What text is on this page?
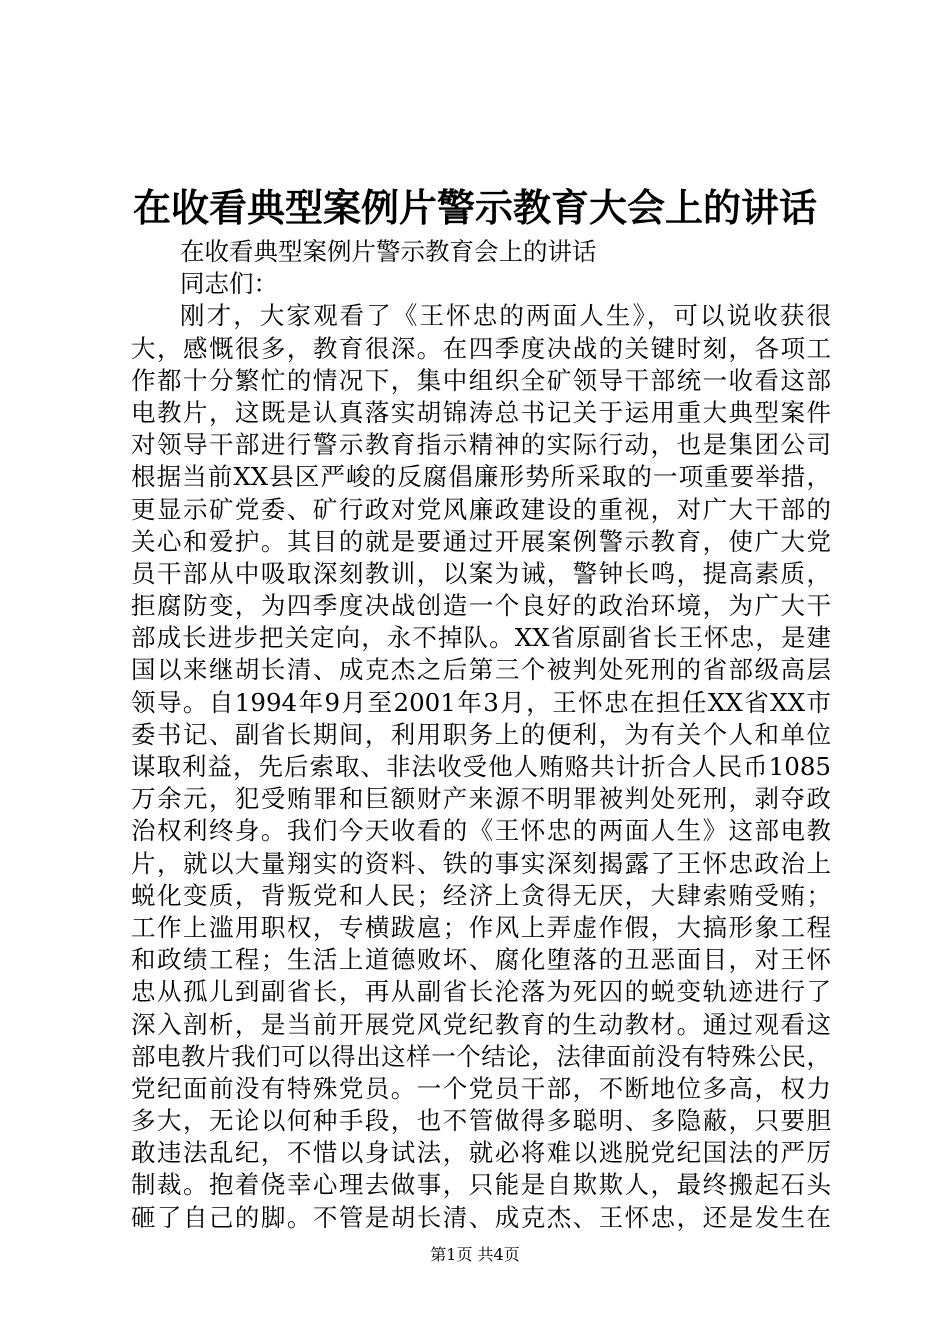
在收看典型案例片警示教育大会上的讲话
在收看典型案例片警示教育会上的讲话
同志们：
刚才，大家观看了《王怀忠的两面人生》，可以说收获很
大，感慨很多，教育很深。在四季度决战的关键时刻，各项工
作都十分繁忙的情况下，集中组织全矿领导干部统一收看这部
电教片，这既是认真落实胡锦涛总书记关于运用重大典型案件
对领导干部进行警示教育指示精神的实际行动，也是集团公司
根据当前XX县区严峻的反腐倡廉形势所采取的一项重要举措，
更显示矿党委、矿行政对党风廉政建设的重视，对广大干部的
关心和爱护。其目的就是要通过开展案例警示教育，使广大党
员干部从中吸取深刻教训，以案为诫，警钟长鸣，提高素质，
拒腐防变，为四季度决战创造一个良好的政治环境，为广大干
部成长进步把关定向，永不掉队。XX省原副省长王怀忠，是建
国以来继胡长清、成克杰之后第三个被判处死刑的省部级高层
领导。自1994年9月至2001年3月，王怀忠在担任XX省XX市
委书记、副省长期间，利用职务上的便利，为有关个人和单位
谋取利益，先后索取、非法收受他人贿赂共计折合人民币1085
万余元，犯受贿罪和巨额财产来源不明罪被判处死刑，剥夺政
治权利终身。我们今天收看的《王怀忠的两面人生》这部电教
片，就以大量翔实的资料、铁的事实深刻揭露了王怀忠政治上
蜕化变质，背叛党和人民；经济上贪得无厌，大肆索贿受贿；
工作上滥用职权，专横跋扈；作风上弄虚作假，大搞形象工程
和政绩工程；生活上道德败坏、腐化堕落的丑恶面目，对王怀
忠从孤儿到副省长，再从副省长沦落为死囚的蜕变轨迹进行了
深入剖析，是当前开展党风党纪教育的生动教材。通过观看这
部电教片我们可以得出这样一个结论，法律面前没有特殊公民，
党纪面前没有特殊党员。一个党员干部，不断地位多高，权力
多大，无论以何种手段，也不管做得多聪明、多隐蔽，只要胆
敢违法乱纪，不惜以身试法，就必将难以逃脱党纪国法的严厉
制裁。抱着侥幸心理去做事，只能是自欺欺人，最终搬起石头
砸了自己的脚。不管是胡长清、成克杰、王怀忠，还是发生在
第1页 共4页
